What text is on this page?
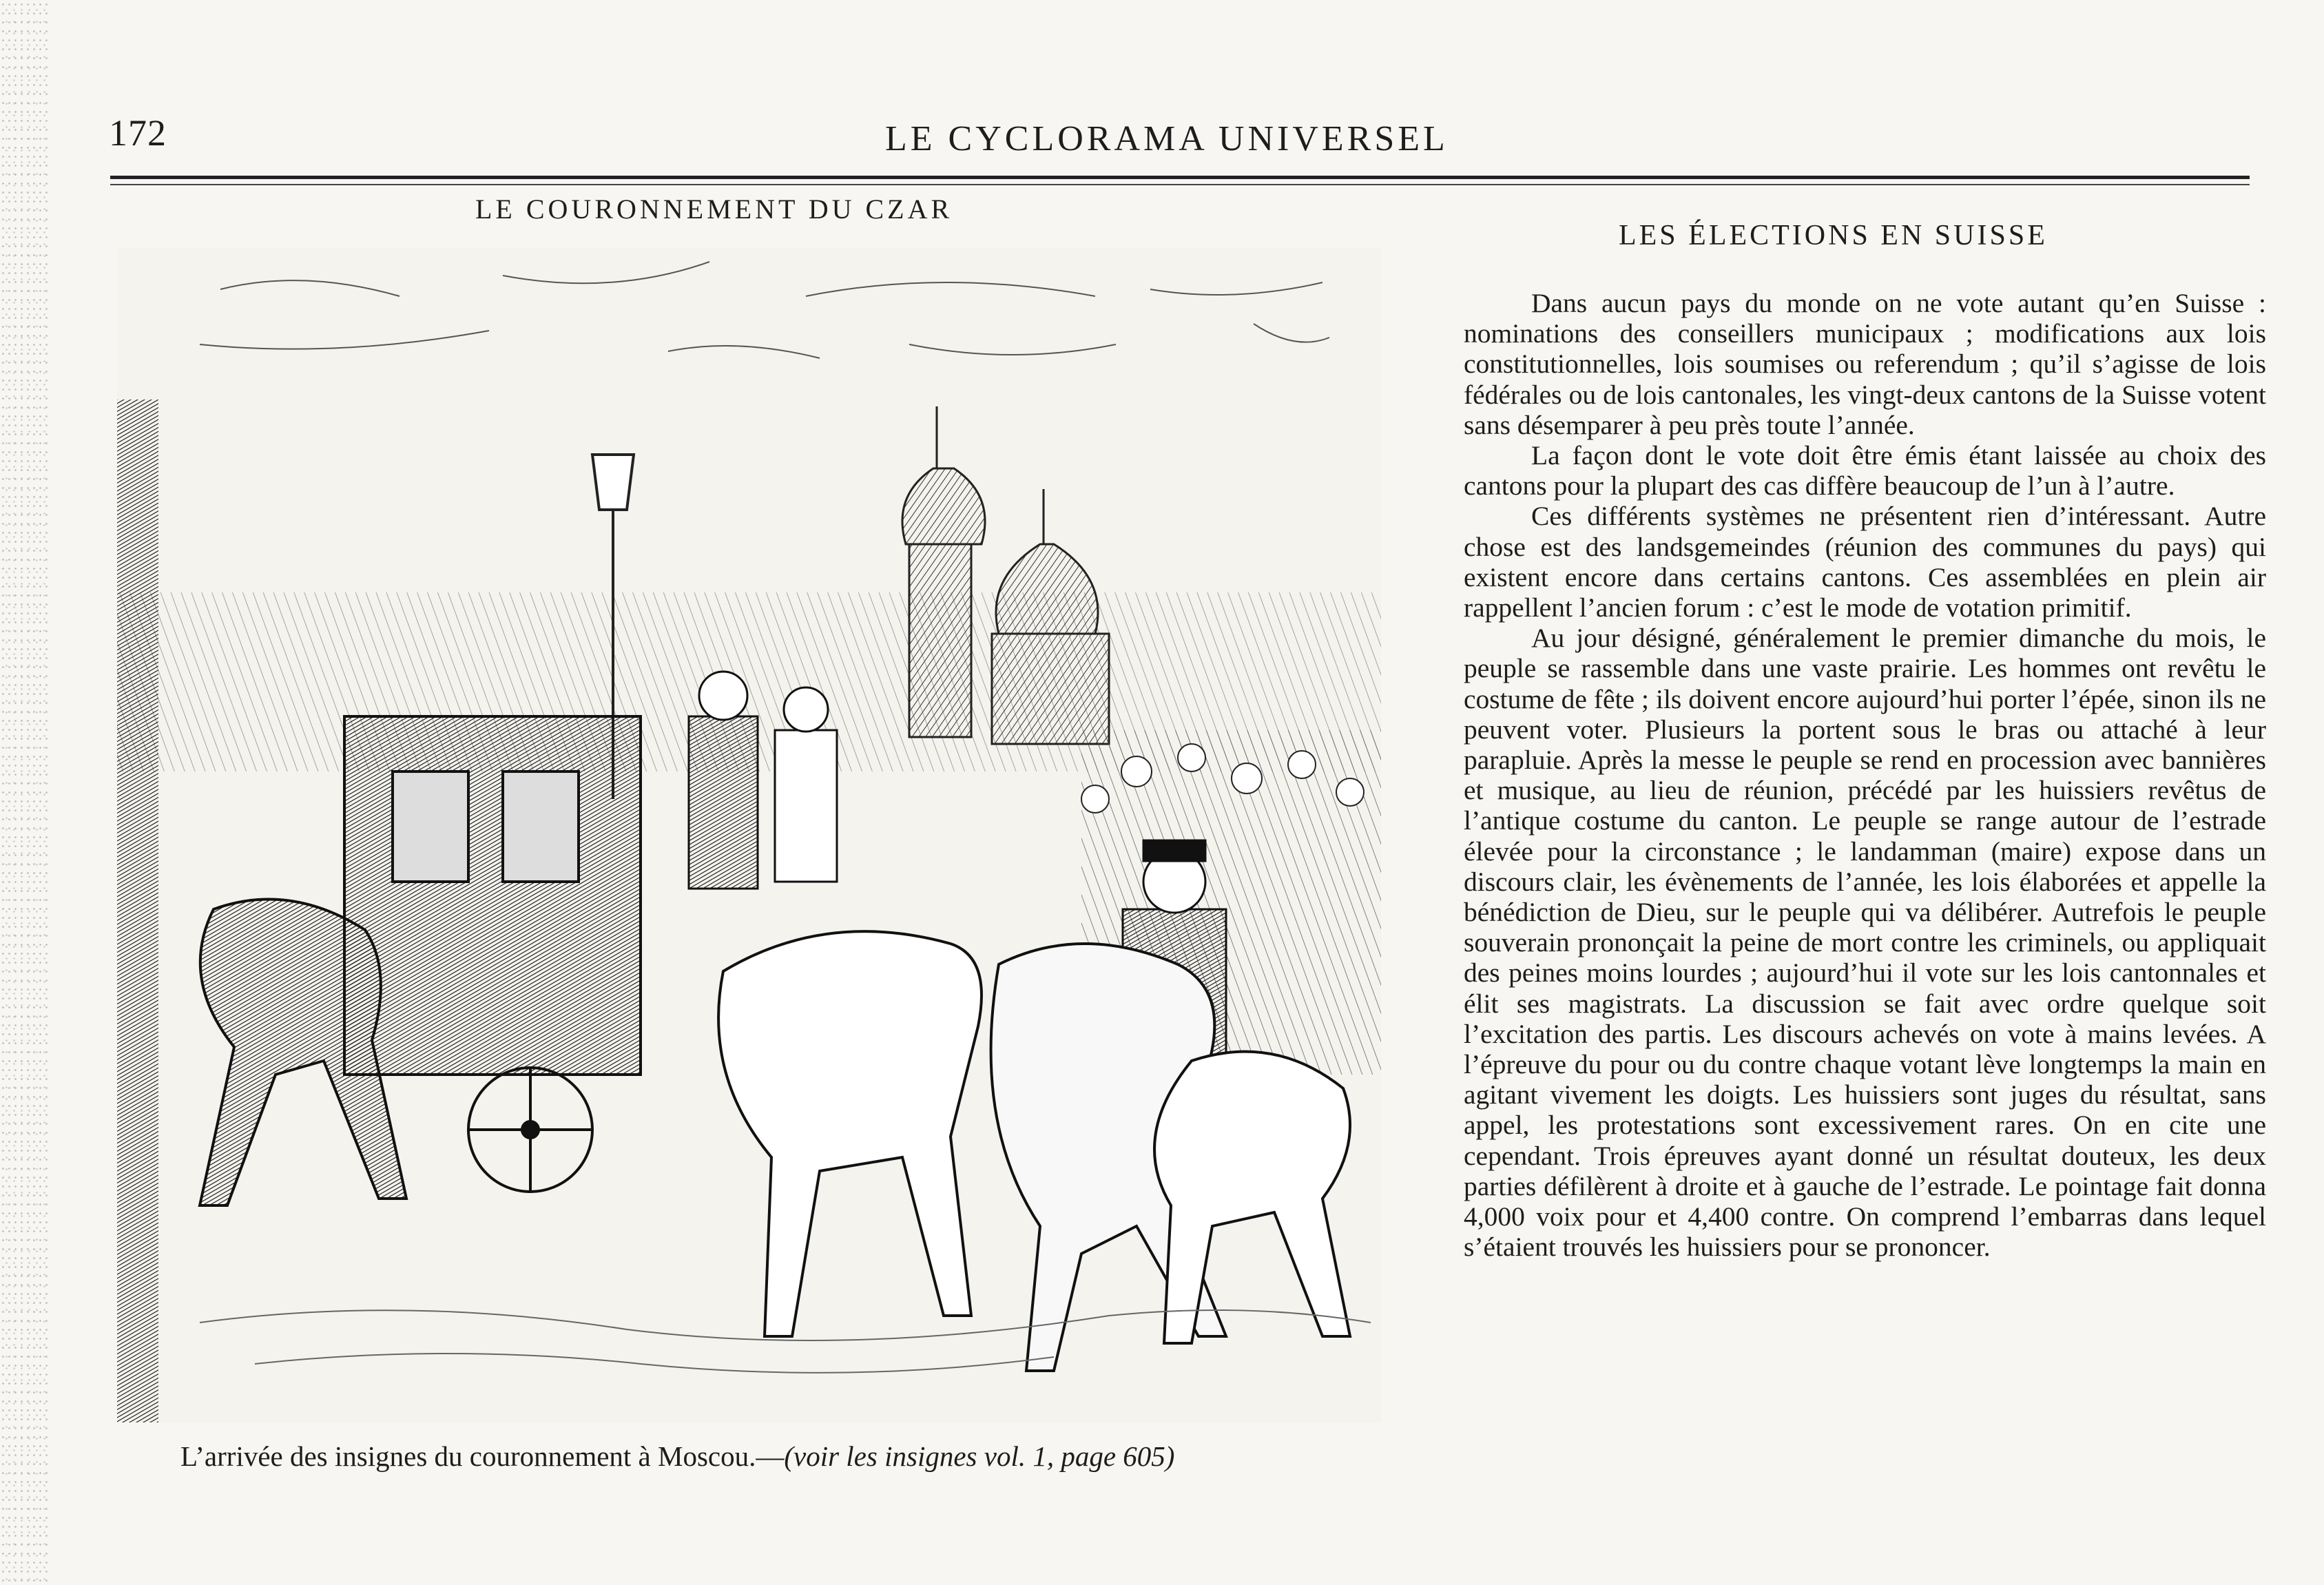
172	LE CYCLORAMA UNIVERSEL
LE COURONNEMENT DU CZAR
LES ÉLECTIONS EN SUISSE
L’arrivée des insignes du couronnement à Moscou.—(voir les insignes vol. 1, page 605)

Dans aucun pays du monde on ne vote autant qu’en Suisse : nominations des conseillers municipaux ; modifications aux lois constitutionnelles, lois soumises ou referendum ; qu’il s’agisse de lois fédérales ou de lois cantonales, les vingt-deux cantons de la Suisse votent sans désemparer à peu près toute l’année.

La façon dont le vote doit être émis étant laissée au choix des cantons pour la plupart des cas diffère beaucoup de l’un à l’autre.

Ces différents systèmes ne présentent rien d’intéressant. Autre chose est des landsgemeindes (réunion des communes du pays) qui existent encore dans certains cantons. Ces assemblées en plein air rappellent l’ancien forum : c’est le mode de votation primitif.

Au jour désigné, généralement le premier dimanche du mois, le peuple se rassemble dans une vaste prairie. Les hommes ont revêtu le costume de fête ; ils doivent encore aujourd’hui porter l’épée, sinon ils ne peuvent voter. Plusieurs la portent sous le bras ou attaché à leur parapluie. Après la messe le peuple se rend en procession avec bannières et musique, au lieu de réunion, précédé par les huissiers revêtus de l’antique costume du canton. Le peuple se range autour de l’estrade élevée pour la circonstance ; le landamman (maire) expose dans un discours clair, les évènements de l’année, les lois élaborées et appelle la bénédiction de Dieu, sur le peuple qui va délibérer. Autrefois le peuple souverain prononçait la peine de mort contre les criminels, ou appliquait des peines moins lourdes ; aujourd’hui il vote sur les lois cantonnales et élit ses magistrats. La discussion se fait avec ordre quelque soit l’excitation des partis. Les discours achevés on vote à mains levées. A l’épreuve du pour ou du contre chaque votant lève longtemps la main en agitant vivement les doigts. Les huissiers sont juges du résultat, sans appel, les protestations sont excessivement rares. On en cite une cependant. Trois épreuves ayant donné un résultat douteux, les deux parties défilèrent à droite et à gauche de l’estrade. Le pointage fait donna 4,000 voix pour et 4,400 contre. On comprend l’embarras dans lequel s’étaient trouvés les huissiers pour se prononcer.
